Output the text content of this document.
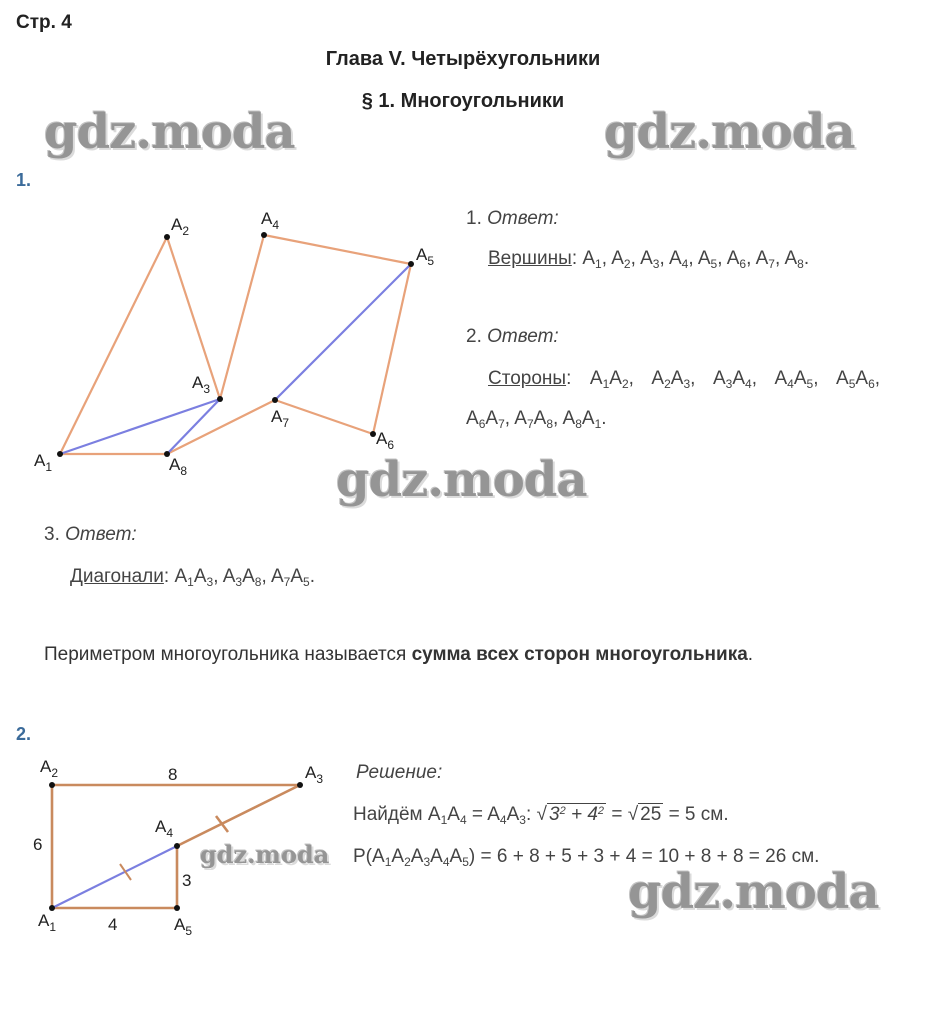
Стр. 4
Глава V. Четырёхугольники
§ 1. Многоугольники
gdz.moda	gdz.moda
gdz.moda
gdz.moda
gdz.moda
1.
$A_1$
$A_2$
$A_3$
$A_4$
$A_5$
$A_6$
$A_7$
$A_8$
1. Ответ:
Вершины: $A_1$, $A_2$, $A_3$, $A_4$, $A_5$, $A_6$, $A_7$, $A_8$.
2. Ответ:
Стороны:  $A_1A_2$,  $A_2A_3$,  $A_3A_4$,  $A_4A_5$,  $A_5A_6$,
$A_6A_7$, $A_7A_8$, $A_8A_1$.
3. Ответ:
Диагонали: $A_1A_3$, $A_3A_8$, $A_7A_5$.
Периметром многоугольника называется сумма всех сторон многоугольника.
2.
$A_2$	$A_3$
$A_4$
$A_1$	$A_5$
8
6
3
4
Решение:
Найдём $A_1A_4 = A_4A_3$: √ $3^2 + 4^2$ = √ 25 = 5 см.
$P(A_1A_2A_3A_4A_5) = 6 + 8 + 5 + 3 + 4 = 10 + 8 + 8 = 26$ см.
